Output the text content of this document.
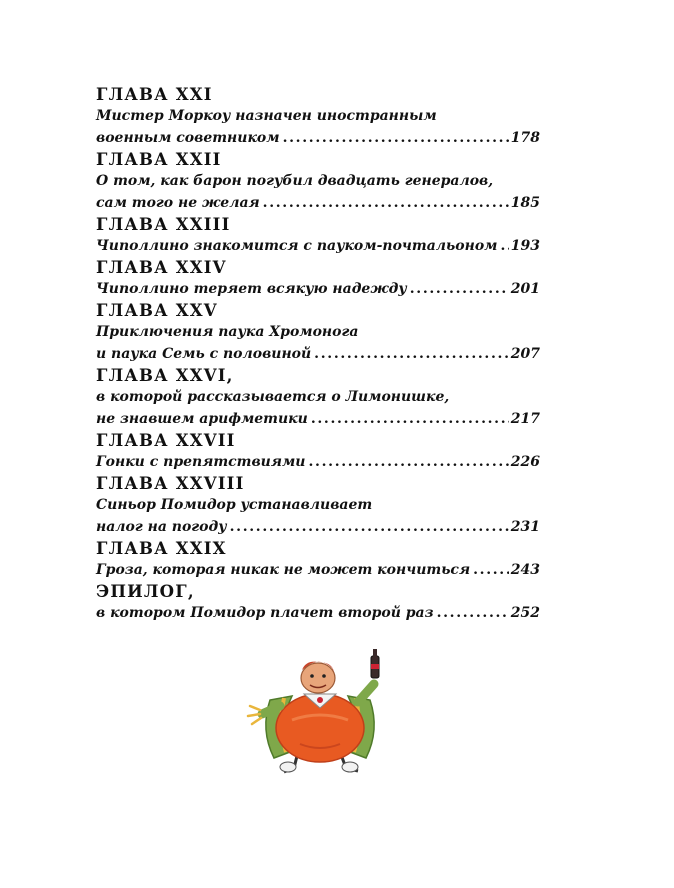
ГЛАВА XXI
Мистер Моркоу назначен иностранным
военным советником . . .	178
ГЛАВА XXII
О том, как барон погубил двадцать генералов,
сам того не желая . . .	185
ГЛАВА XXIII
Чиполлино знакомится с пауком-почтальоном . . . 193
ГЛАВА XXIV
Чиполлино теряет всякую надежду . . .	201
ГЛАВА XXV
Приключения паука Хромонога
и паука Семь с половиной . . .	207
ГЛАВА XXVI,
в которой рассказывается о Лимонишке,
не знавшем арифметики . . .	217
ГЛАВА XXVII
Гонки с препятствиями . . .	226
ГЛАВА XXVIII
Синьор Помидор устанавливает
налог на погоду . . .	231
ГЛАВА XXIX
Гроза, которая никак не может кончиться . . .	243
ЭПИЛОГ,
в котором Помидор плачет второй раз . . .	252
